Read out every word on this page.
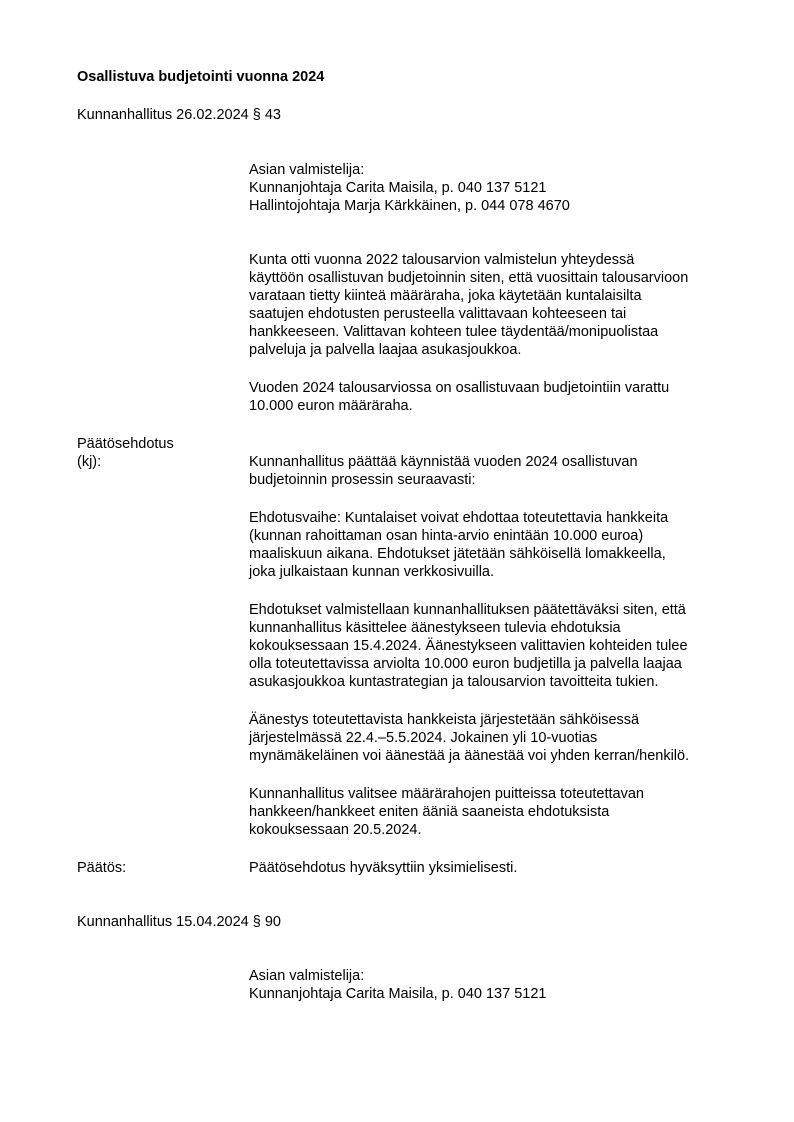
Osallistuva budjetointi vuonna 2024
Kunnanhallitus 26.02.2024 § 43
Asian valmistelija:
Kunnanjohtaja Carita Maisila, p. 040 137 5121
Hallintojohtaja Marja Kärkkäinen, p. 044 078 4670
Kunta otti vuonna 2022 talousarvion valmistelun yhteydessä
käyttöön osallistuvan budjetoinnin siten, että vuosittain talousarvioon
varataan tietty kiinteä määräraha, joka käytetään kuntalaisilta
saatujen ehdotusten perusteella valittavaan kohteeseen tai
hankkeeseen. Valittavan kohteen tulee täydentää/monipuolistaa
palveluja ja palvella laajaa asukasjoukkoa.
Vuoden 2024 talousarviossa on osallistuvaan budjetointiin varattu
10.000 euron määräraha.
Päätösehdotus
(kj):	Kunnanhallitus päättää käynnistää vuoden 2024 osallistuvan
budjetoinnin prosessin seuraavasti:
Ehdotusvaihe: Kuntalaiset voivat ehdottaa toteutettavia hankkeita
(kunnan rahoittaman osan hinta-arvio enintään 10.000 euroa)
maaliskuun aikana. Ehdotukset jätetään sähköisellä lomakkeella,
joka julkaistaan kunnan verkkosivuilla.
Ehdotukset valmistellaan kunnanhallituksen päätettäväksi siten, että
kunnanhallitus käsittelee äänestykseen tulevia ehdotuksia
kokouksessaan 15.4.2024. Äänestykseen valittavien kohteiden tulee
olla toteutettavissa arviolta 10.000 euron budjetilla ja palvella laajaa
asukasjoukkoa kuntastrategian ja talousarvion tavoitteita tukien.
Äänestys toteutettavista hankkeista järjestetään sähköisessä
järjestelmässä 22.4.–5.5.2024. Jokainen yli 10-vuotias
mynämäkeläinen voi äänestää ja äänestää voi yhden kerran/henkilö.
Kunnanhallitus valitsee määrärahojen puitteissa toteutettavan
hankkeen/hankkeet eniten ääniä saaneista ehdotuksista
kokouksessaan 20.5.2024.
Päätös:	Päätösehdotus hyväksyttiin yksimielisesti.
Kunnanhallitus 15.04.2024 § 90
Asian valmistelija:
Kunnanjohtaja Carita Maisila, p. 040 137 5121
